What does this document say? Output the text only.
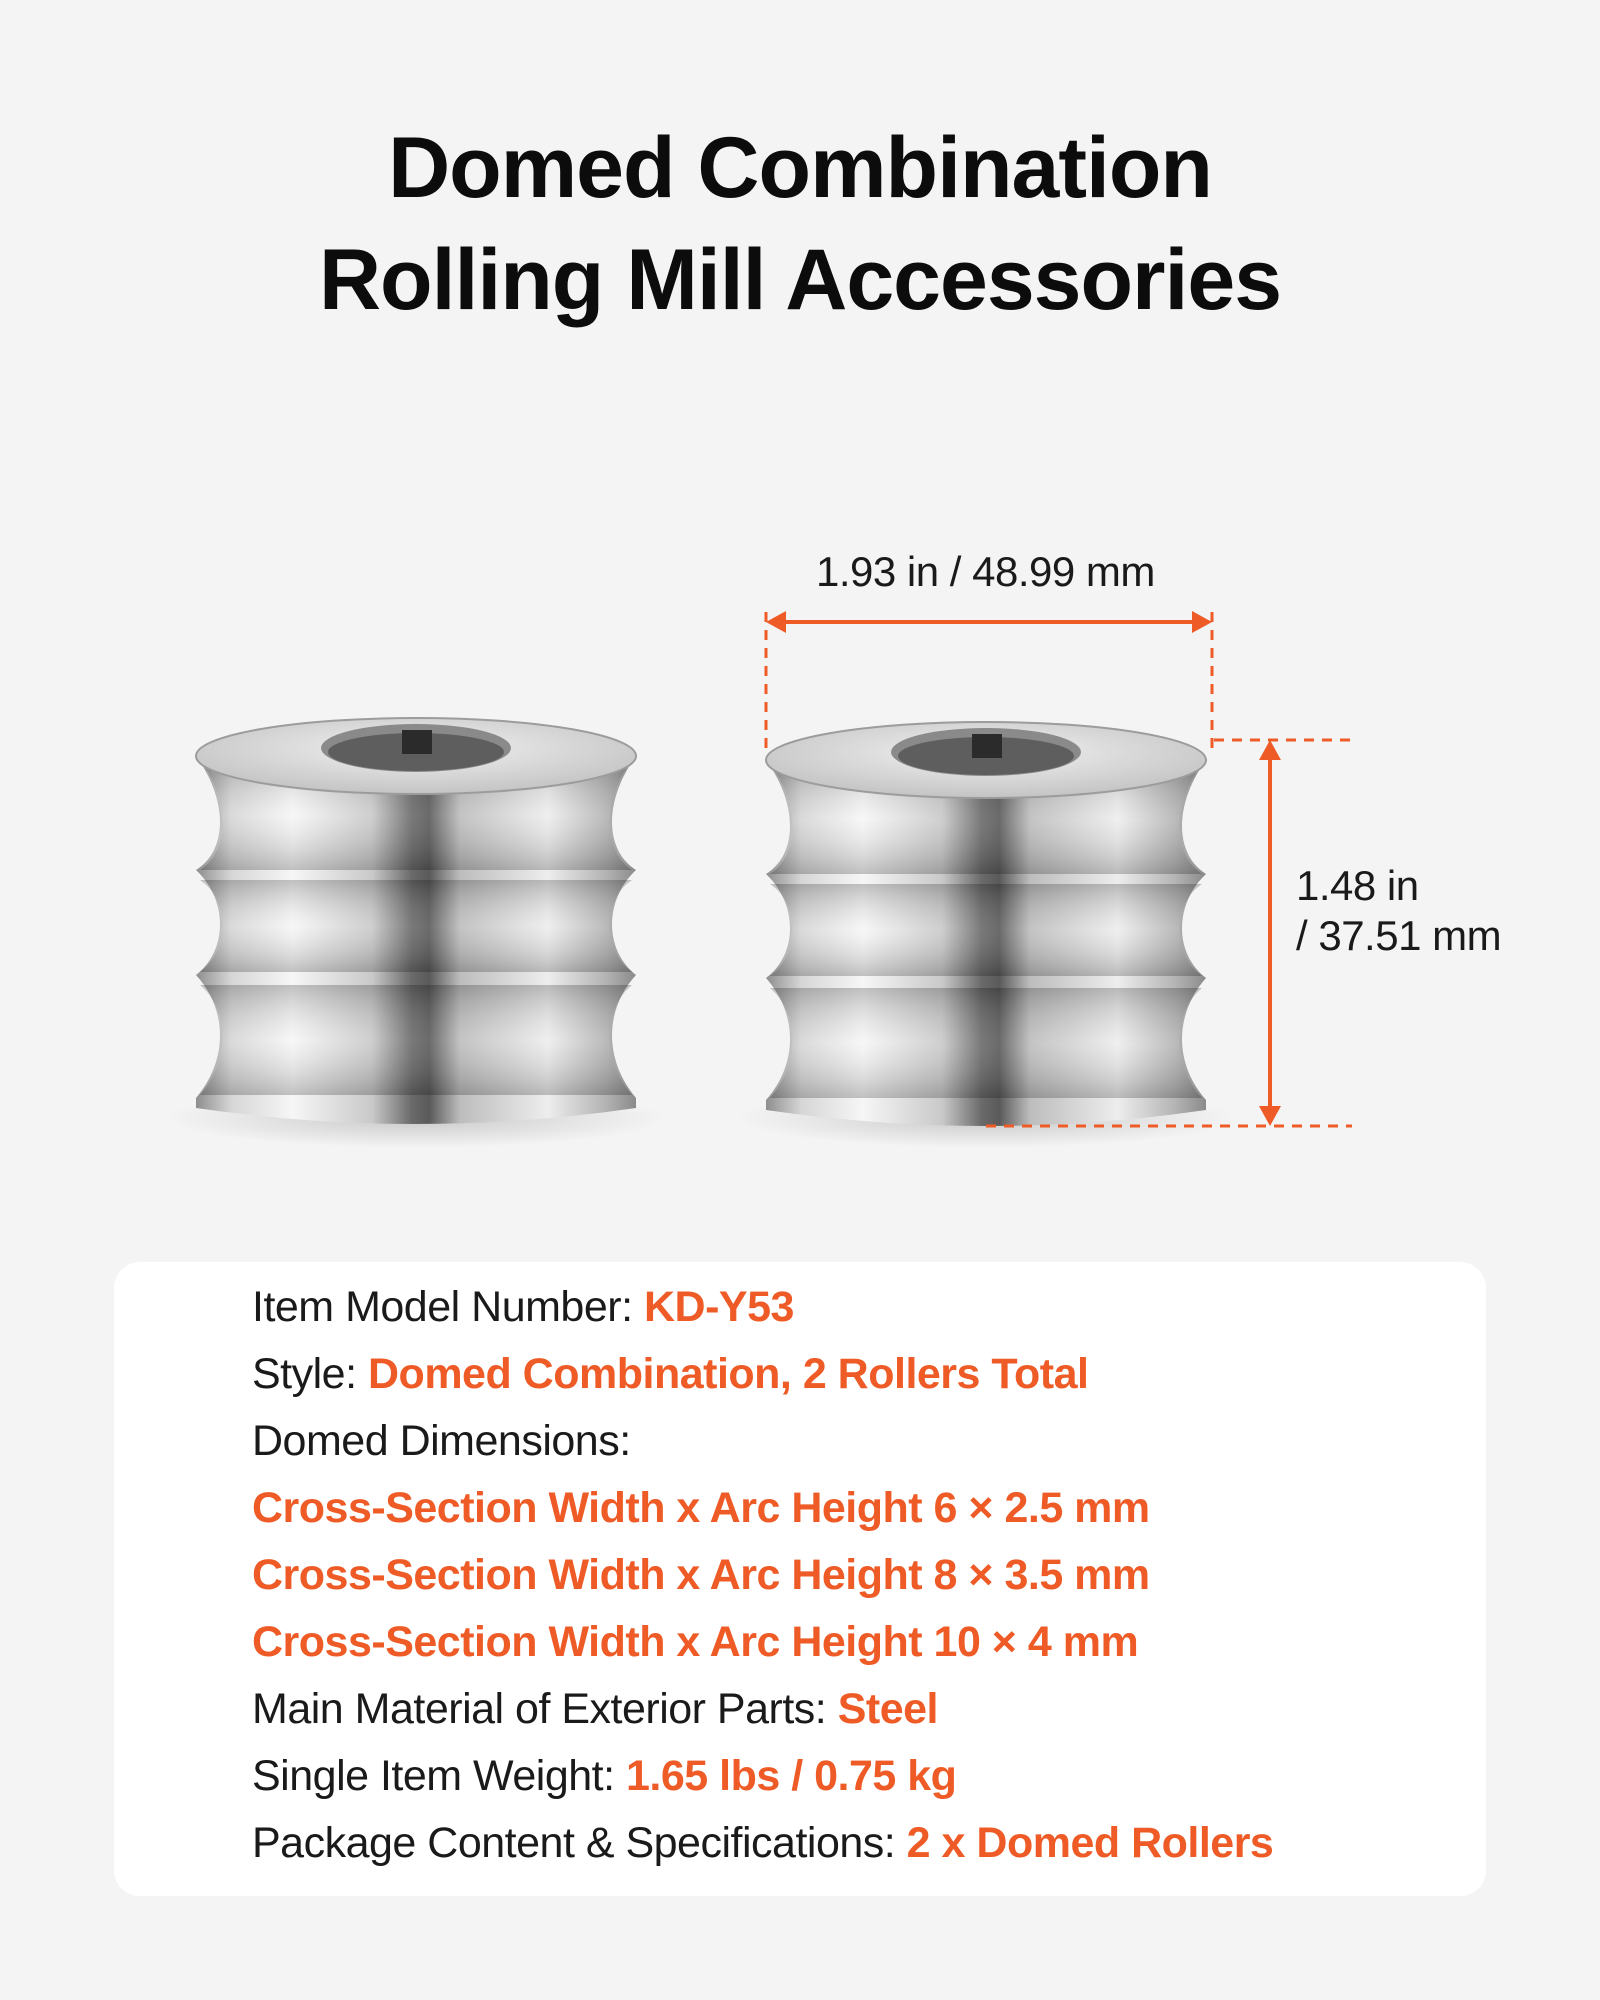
Domed Combination
Rolling Mill Accessories
1.93 in / 48.99 mm
1.48 in
/ 37.51 mm
Item Model Number: KD-Y53
Style: Domed Combination, 2 Rollers Total
Domed Dimensions:
Cross-Section Width x Arc Height 6 × 2.5 mm
Cross-Section Width x Arc Height 8 × 3.5 mm
Cross-Section Width x Arc Height 10 × 4 mm
Main Material of Exterior Parts: Steel
Single Item Weight: 1.65 lbs / 0.75 kg
Package Content & Specifications: 2 x Domed Rollers
